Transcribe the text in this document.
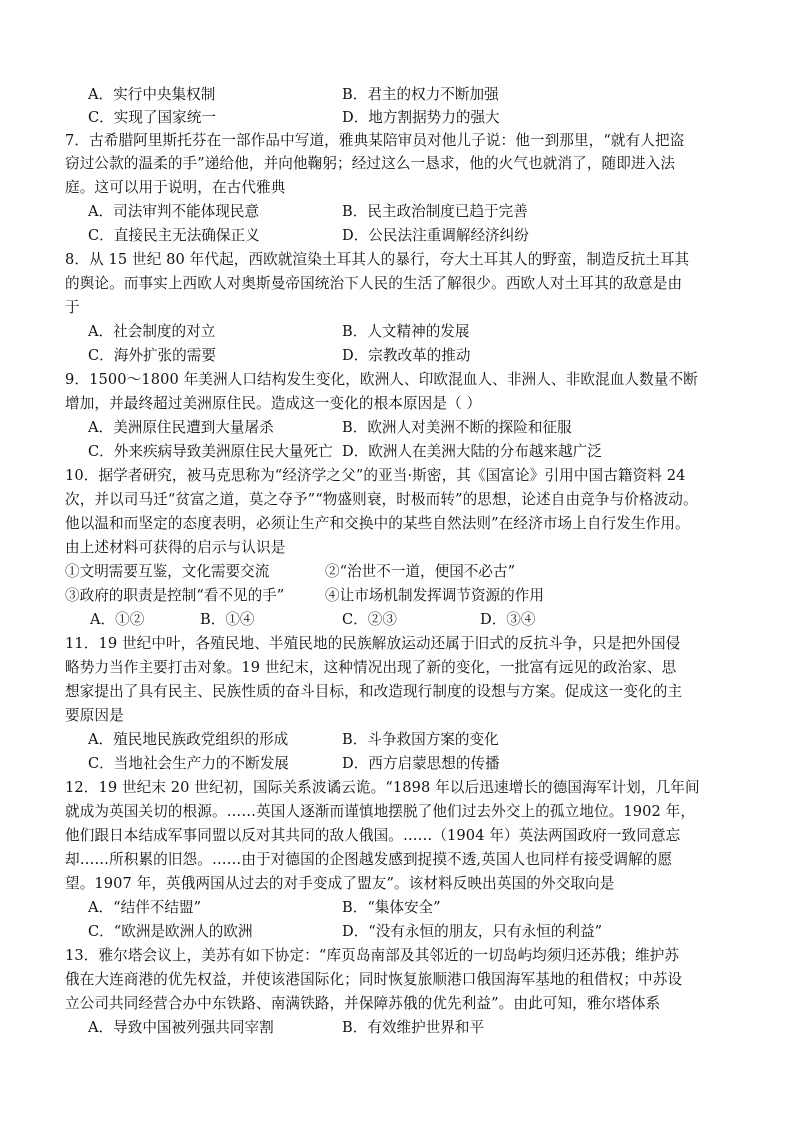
A．实行中央集权制	B．君主的权力不断加强
C．实现了国家统一	D．地方割据势力的强大
7．古希腊阿里斯托芬在一部作品中写道，雅典某陪审员对他儿子说：他一到那里，“就有人把盗
窃过公款的温柔的手”递给他，并向他鞠躬；经过这么一恳求，他的火气也就消了，随即进入法
庭。这可以用于说明，在古代雅典
A．司法审判不能体现民意	B．民主政治制度已趋于完善
C．直接民主无法确保正义	D．公民法注重调解经济纠纷
8．从 15 世纪 80 年代起，西欧就渲染土耳其人的暴行，夸大土耳其人的野蛮，制造反抗土耳其
的舆论。而事实上西欧人对奥斯曼帝国统治下人民的生活了解很少。西欧人对土耳其的敌意是由
于
A．社会制度的对立	B．人文精神的发展
C．海外扩张的需要	D．宗教改革的推动
9．1500～1800 年美洲人口结构发生变化，欧洲人、印欧混血人、非洲人、非欧混血人数量不断
增加，并最终超过美洲原住民。造成这一变化的根本原因是（ ）
A．美洲原住民遭到大量屠杀	B．欧洲人对美洲不断的探险和征服
C．外来疾病导致美洲原住民大量死亡 D．欧洲人在美洲大陆的分布越来越广泛
10．据学者研究，被马克思称为“经济学之父”的亚当·斯密，其《国富论》引用中国古籍资料 24
次，并以司马迁“贫富之道，莫之夺予”“物盛则衰，时极而转”的思想，论述自由竞争与价格波动。
他以温和而坚定的态度表明，必须让生产和交换中的某些自然法则”在经济市场上自行发生作用。
由上述材料可获得的启示与认识是
①文明需要互鉴，文化需要交流	②“治世不一道，便国不必古”
③政府的职责是控制“看不见的手”	④让市场机制发挥调节资源的作用
A．①②	B．①④	C．②③	D．③④
11．19 世纪中叶，各殖民地、半殖民地的民族解放运动还属于旧式的反抗斗争，只是把外国侵
略势力当作主要打击对象。19 世纪末，这种情况出现了新的变化，一批富有远见的政治家、思
想家提出了具有民主、民族性质的奋斗目标，和改造现行制度的设想与方案。促成这一变化的主
要原因是
A．殖民地民族政党组织的形成	B．斗争救国方案的变化
C．当地社会生产力的不断发展	D．西方启蒙思想的传播
12．19 世纪末 20 世纪初，国际关系波谲云诡。“1898 年以后迅速增长的德国海军计划，几年间
就成为英国关切的根源。……英国人逐渐而谨慎地摆脱了他们过去外交上的孤立地位。1902 年，
他们跟日本结成军事同盟以反对其共同的敌人俄国。……（1904 年）英法两国政府一致同意忘
却……所积累的旧怨。……由于对德国的企图越发感到捉摸不透,英国人也同样有接受调解的愿
望。1907 年，英俄两国从过去的对手变成了盟友”。该材料反映出英国的外交取向是
A．“结伴不结盟”	B．“集体安全”
C．“欧洲是欧洲人的欧洲	D．“没有永恒的朋友，只有永恒的利益”
13．雅尔塔会议上，美苏有如下协定：“库页岛南部及其邻近的一切岛屿均须归还苏俄；维护苏
俄在大连商港的优先权益，并使该港国际化；同时恢复旅顺港口俄国海军基地的租借权；中苏设
立公司共同经营合办中东铁路、南满铁路，并保障苏俄的优先利益”。由此可知，雅尔塔体系
A．导致中国被列强共同宰割	B．有效维护世界和平
